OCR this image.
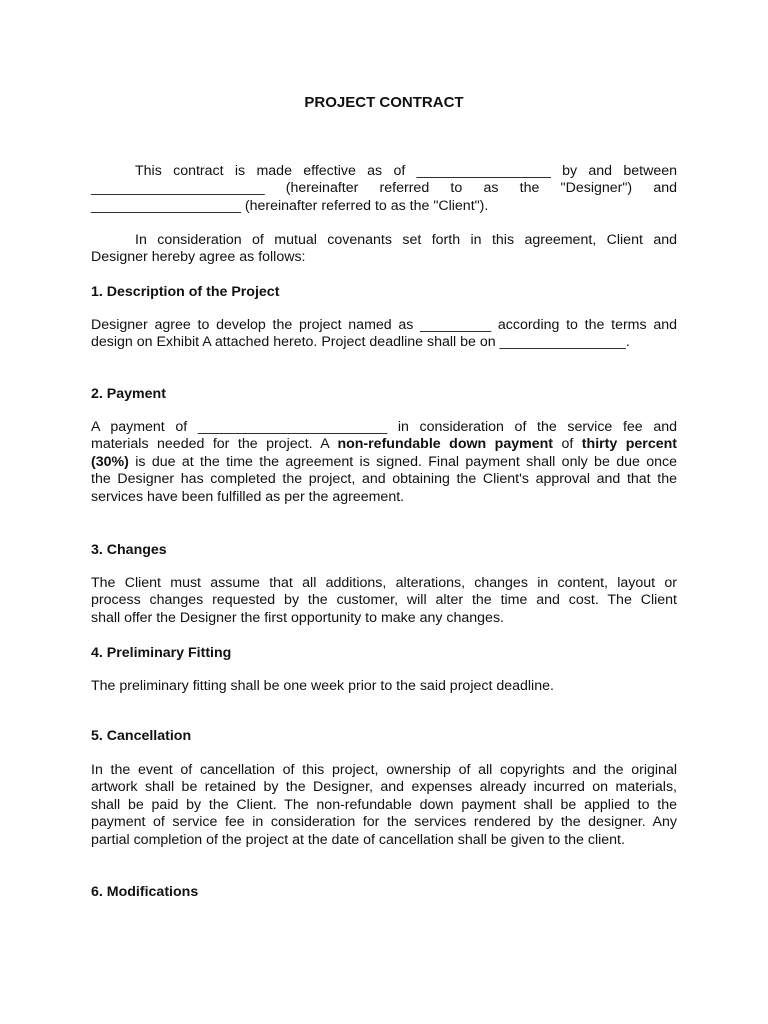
PROJECT CONTRACT
This contract is made effective as of _________________ by and between
______________________ (hereinafter referred to as the "Designer") and
___________________ (hereinafter referred to as the "Client").
In consideration of mutual covenants set forth in this agreement, Client and
Designer hereby agree as follows:
1. Description of the Project
Designer agree to develop the project named as _________ according to the terms and
design on Exhibit A attached hereto. Project deadline shall be on ________________.
2. Payment
A payment of ________________________ in consideration of the service fee and
materials needed for the project. A non-refundable down payment of thirty percent
(30%) is due at the time the agreement is signed. Final payment shall only be due once
the Designer has completed the project, and obtaining the Client's approval and that the
services have been fulfilled as per the agreement.
3. Changes
The Client must assume that all additions, alterations, changes in content, layout or
process changes requested by the customer, will alter the time and cost. The Client
shall offer the Designer the first opportunity to make any changes.
4. Preliminary Fitting
The preliminary fitting shall be one week prior to the said project deadline.
5. Cancellation
In the event of cancellation of this project, ownership of all copyrights and the original
artwork shall be retained by the Designer, and expenses already incurred on materials,
shall be paid by the Client. The non-refundable down payment shall be applied to the
payment of service fee in consideration for the services rendered by the designer. Any
partial completion of the project at the date of cancellation shall be given to the client.
6. Modifications
